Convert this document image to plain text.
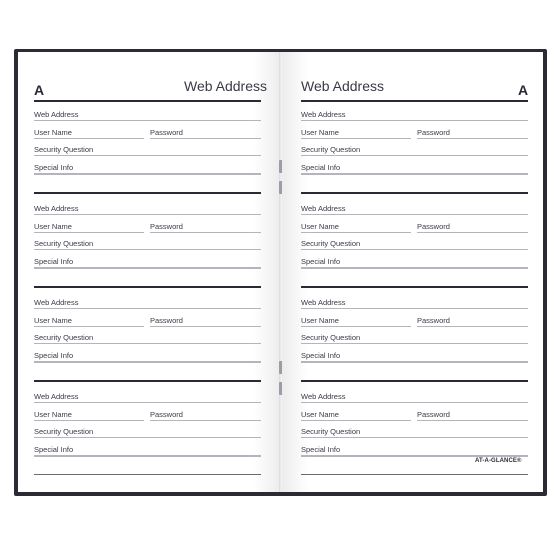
A	Web Address
Web Address
User Name	Password
Security Question
Special Info
Web Address
User Name	Password
Security Question
Special Info
Web Address
User Name	Password
Security Question
Special Info
Web Address
User Name	Password
Security Question
Special Info
Web Address	A
AT-A-GLANCE®
Web Address
User Name	Password
Security Question
Special Info
Web Address
User Name	Password
Security Question
Special Info
Web Address
User Name	Password
Security Question
Special Info
Web Address
User Name	Password
Security Question
Special Info
